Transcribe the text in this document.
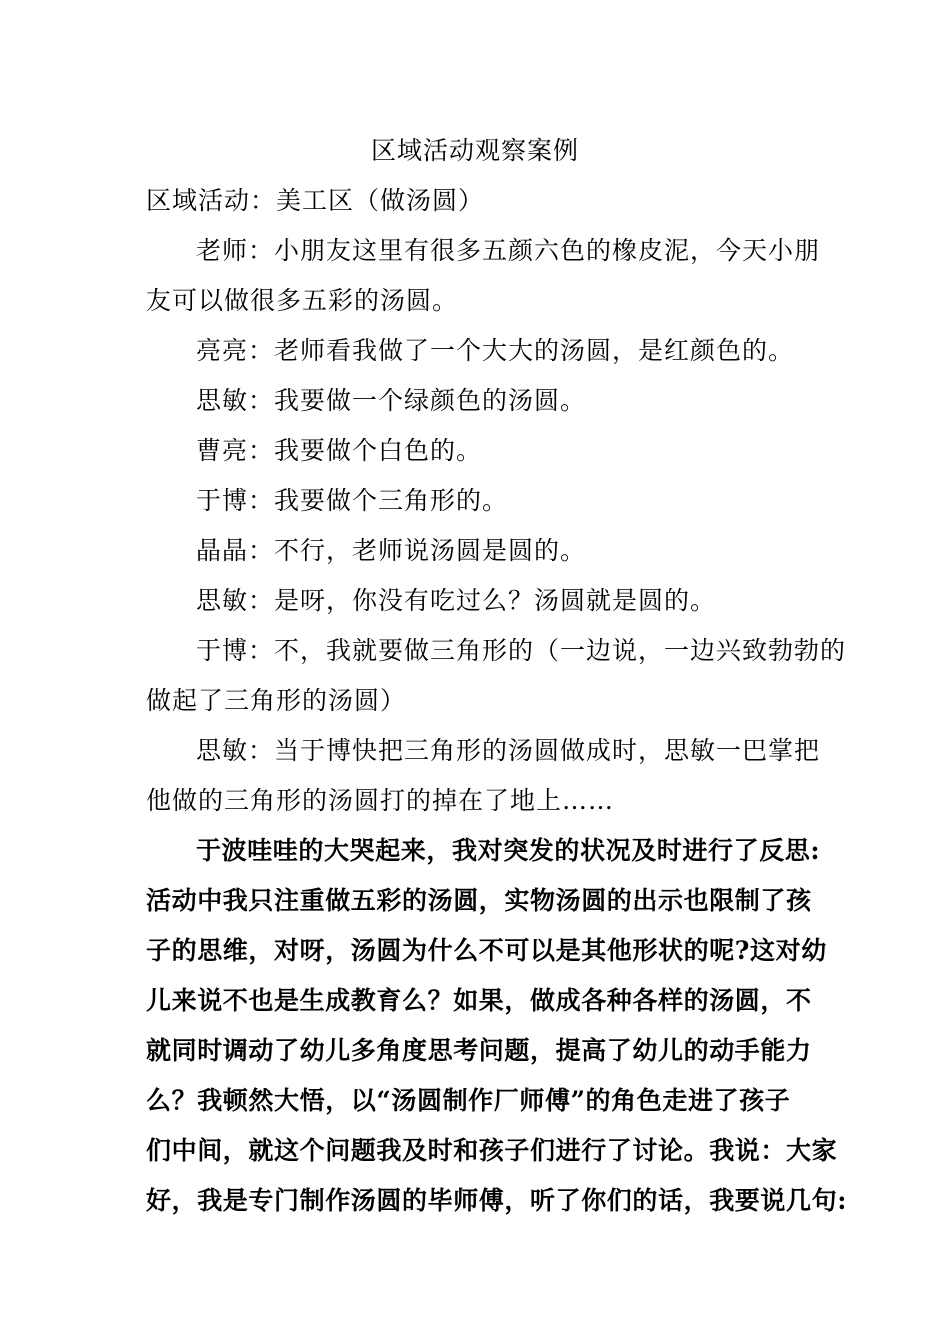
区域活动观察案例
区域活动：美工区（做汤圆）
老师：小朋友这里有很多五颜六色的橡皮泥，今天小朋
友可以做很多五彩的汤圆。
亮亮：老师看我做了一个大大的汤圆，是红颜色的。
思敏：我要做一个绿颜色的汤圆。
曹亮：我要做个白色的。
于博：我要做个三角形的。
晶晶：不行，老师说汤圆是圆的。
思敏：是呀，你没有吃过么？汤圆就是圆的。
于博：不，我就要做三角形的（一边说，一边兴致勃勃的
做起了三角形的汤圆）
思敏：当于博快把三角形的汤圆做成时，思敏一巴掌把
他做的三角形的汤圆打的掉在了地上……
于波哇哇的大哭起来，我对突发的状况及时进行了反思:
活动中我只注重做五彩的汤圆，实物汤圆的出示也限制了孩
子的思维，对呀，汤圆为什么不可以是其他形状的呢?这对幼
儿来说不也是生成教育么？如果，做成各种各样的汤圆，不
就同时调动了幼儿多角度思考问题，提高了幼儿的动手能力
么？我顿然大悟，以“汤圆制作厂师傅”的角色走进了孩子
们中间，就这个问题我及时和孩子们进行了讨论。我说：大家
好，我是专门制作汤圆的毕师傅，听了你们的话，我要说几句:
